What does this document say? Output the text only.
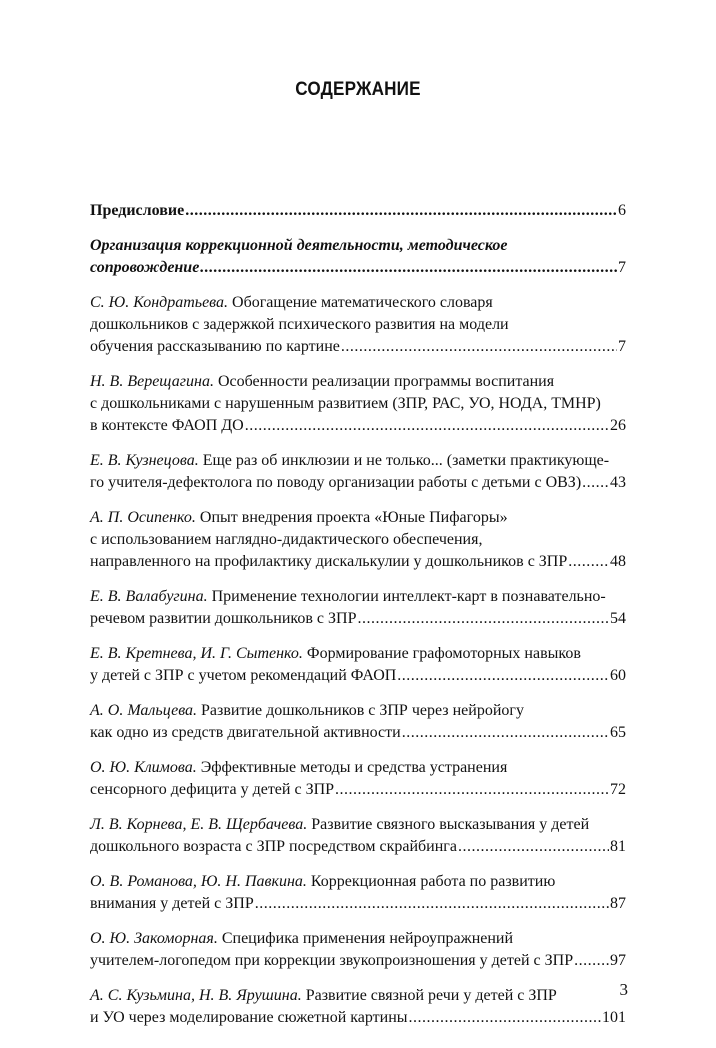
СОДЕРЖАНИЕ
Предисловие .....	6
Организация коррекционной деятельности, методическое
сопровождение .....	7
С. Ю. Кондратьева. Обогащение математического словаря
дошкольников с задержкой психического развития на модели
обучения рассказыванию по картине .....	7
Н. В. Верещагина. Особенности реализации программы воспитания
с дошкольниками с нарушенным развитием (ЗПР, РАС, УО, НОДА, ТМНР)
в контексте ФАОП ДО .....	26
Е. В. Кузнецова. Еще раз об инклюзии и не только... (заметки практикующе-
го учителя-дефектолога по поводу организации работы с детьми с ОВЗ) ..... 43
А. П. Осипенко. Опыт внедрения проекта «Юные Пифагоры»
с использованием наглядно-дидактического обеспечения,
направленного на профилактику дискалькулии у дошкольников с ЗПР .....	48
Е. В. Валабугина. Применение технологии интеллект-карт в познавательно-
речевом развитии дошкольников с ЗПР .....	54
Е. В. Кретнева, И. Г. Сытенко. Формирование графомоторных навыков
у детей с ЗПР с учетом рекомендаций ФАОП .....	60
А. О. Мальцева. Развитие дошкольников с ЗПР через нейройогу
как одно из средств двигательной активности .....	65
О. Ю. Климова. Эффективные методы и средства устранения
сенсорного дефицита у детей с ЗПР .....	72
Л. В. Корнева, Е. В. Щербачева. Развитие связного высказывания у детей
дошкольного возраста с ЗПР посредством скрайбинга .....	81
О. В. Романова, Ю. Н. Павкина. Коррекционная работа по развитию
внимания у детей с ЗПР .....	87
О. Ю. Закоморная. Специфика применения нейроупражнений
учителем-логопедом при коррекции звукопроизношения у детей с ЗПР ..... 97
А. С. Кузьмина, Н. В. Ярушина. Развитие связной речи у детей с ЗПР
и УО через моделирование сюжетной картины .....	101
3
